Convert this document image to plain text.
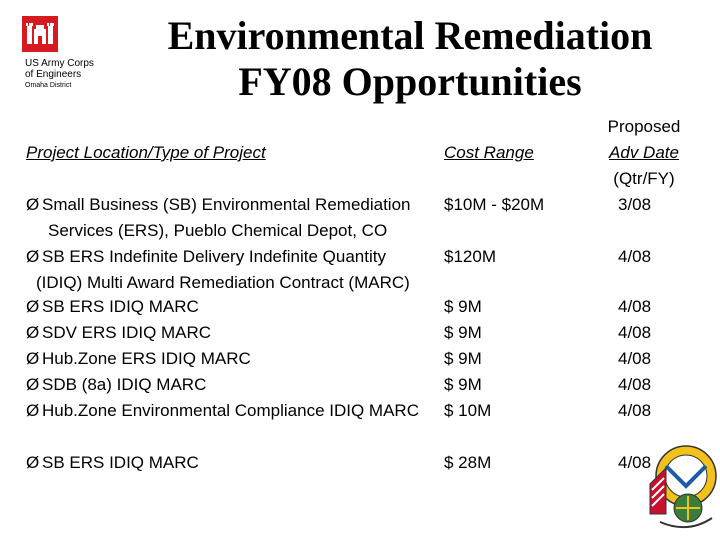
US Army Corps
of Engineers
Omaha District
Environmental Remediation
FY08 Opportunities
Project Location/Type of Project	Cost Range
Proposed
Adv Date
(Qtr/FY)
Ø Small Business (SB) Environmental Remediation
Services (ERS), Pueblo Chemical Depot, CO
$10M - $20M	3/08
Ø SB ERS Indefinite Delivery Indefinite Quantity
(IDIQ) Multi Award Remediation Contract (MARC)
$120M	4/08
Ø SB ERS IDIQ MARC	$ 9M	4/08
Ø SDV ERS IDIQ MARC	$ 9M	4/08
Ø Hub.Zone ERS IDIQ MARC	$ 9M	4/08
Ø SDB (8a) IDIQ MARC	$ 9M	4/08
Ø Hub.Zone Environmental Compliance IDIQ MARC $ 10M	4/08
Ø SB ERS IDIQ MARC	$ 28M	4/08
